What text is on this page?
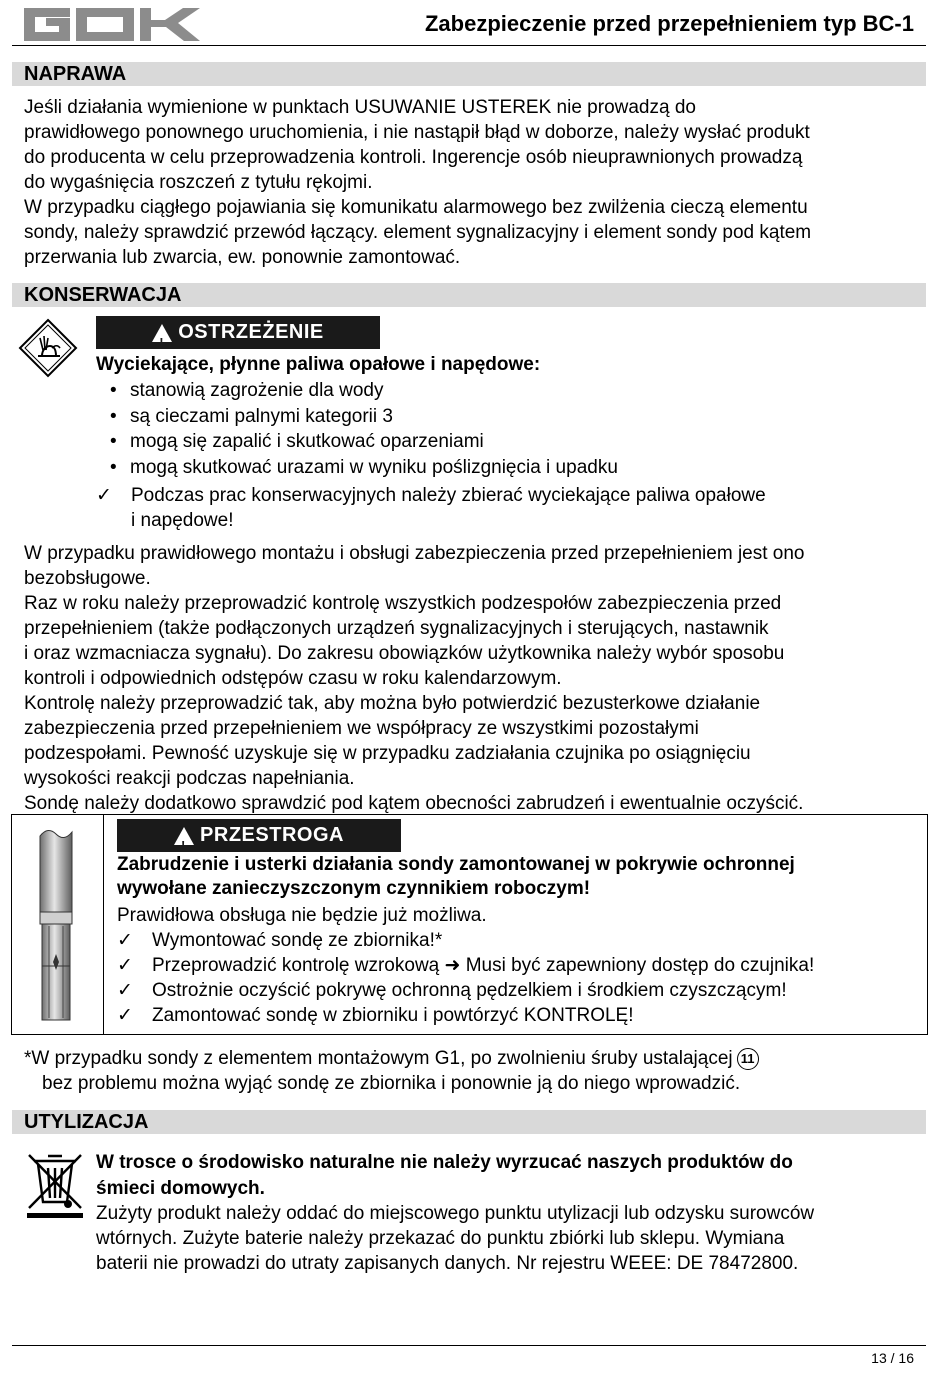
Zabezpieczenie przed przepełnieniem typ BC-1
NAPRAWA

Jeśli działania wymienione w punktach USUWANIE USTEREK nie prowadzą do

prawidłowego ponownego uruchomienia, i nie nastąpił błąd w doborze, należy wysłać produkt

do producenta w celu przeprowadzenia kontroli. Ingerencje osób nieuprawnionych prowadzą

do wygaśnięcia roszczeń z tytułu rękojmi.

W przypadku ciągłego pojawiania się komunikatu alarmowego bez zwilżenia cieczą elementu

sondy, należy sprawdzić przewód łączący. element sygnalizacyjny i element sondy pod kątem

przerwania lub zwarcia, ew. ponownie zamontować.

KONSERWACJA
!
OSTRZEŻENIE
Wyciekające, płynne paliwa opałowe i napędowe:
• stanowią zagrożenie dla wody
• są cieczami palnymi kategorii 3
• mogą się zapalić i skutkować oparzeniami
• mogą skutkować urazami w wyniku poślizgnięcia i upadku
✓ Podczas prac konserwacyjnych należy zbierać wyciekające paliwa opałowe
i napędowe!

W przypadku prawidłowego montażu i obsługi zabezpieczenia przed przepełnieniem jest ono

bezobsługowe.

Raz w roku należy przeprowadzić kontrolę wszystkich podzespołów zabezpieczenia przed

przepełnieniem (także podłączonych urządzeń sygnalizacyjnych i sterujących, nastawnik

i oraz wzmacniacza sygnału). Do zakresu obowiązków użytkownika należy wybór sposobu

kontroli i odpowiednich odstępów czasu w roku kalendarzowym.

Kontrolę należy przeprowadzić tak, aby można było potwierdzić bezusterkowe działanie

zabezpieczenia przed przepełnieniem we współpracy ze wszystkimi pozostałymi

podzespołami. Pewność uzyskuje się w przypadku zadziałania czujnika po osiągnięciu

wysokości reakcji podczas napełniania.

Sondę należy dodatkowo sprawdzić pod kątem obecności zabrudzeń i ewentualnie oczyścić.

!
PRZESTROGA
Zabrudzenie i usterki działania sondy zamontowanej w pokrywie ochronnej
wywołane zanieczyszczonym czynnikiem roboczym!
Prawidłowa obsługa nie będzie już możliwa.
✓ Wymontować sondę ze zbiornika!*
✓ Przeprowadzić kontrolę wzrokową ➜ Musi być zapewniony dostęp do czujnika!
✓ Ostrożnie oczyścić pokrywę ochronną pędzelkiem i środkiem czyszczącym!
✓ Zamontować sondę w zbiorniku i powtórzyć KONTROLĘ!
*W przypadku sondy z elementem montażowym G1, po zwolnieniu śruby ustalającej 11
bez problemu można wyjąć sondę ze zbiornika i ponownie ją do niego wprowadzić.
UTYLIZACJA
W trosce o środowisko naturalne nie należy wyrzucać naszych produktów do
śmieci domowych.

Zużyty produkt należy oddać do miejscowego punktu utylizacji lub odzysku surowców

wtórnych. Zużyte baterie należy przekazać do punktu zbiórki lub sklepu. Wymiana

baterii nie prowadzi do utraty zapisanych danych. Nr rejestru WEEE: DE 78472800.

13 / 16
